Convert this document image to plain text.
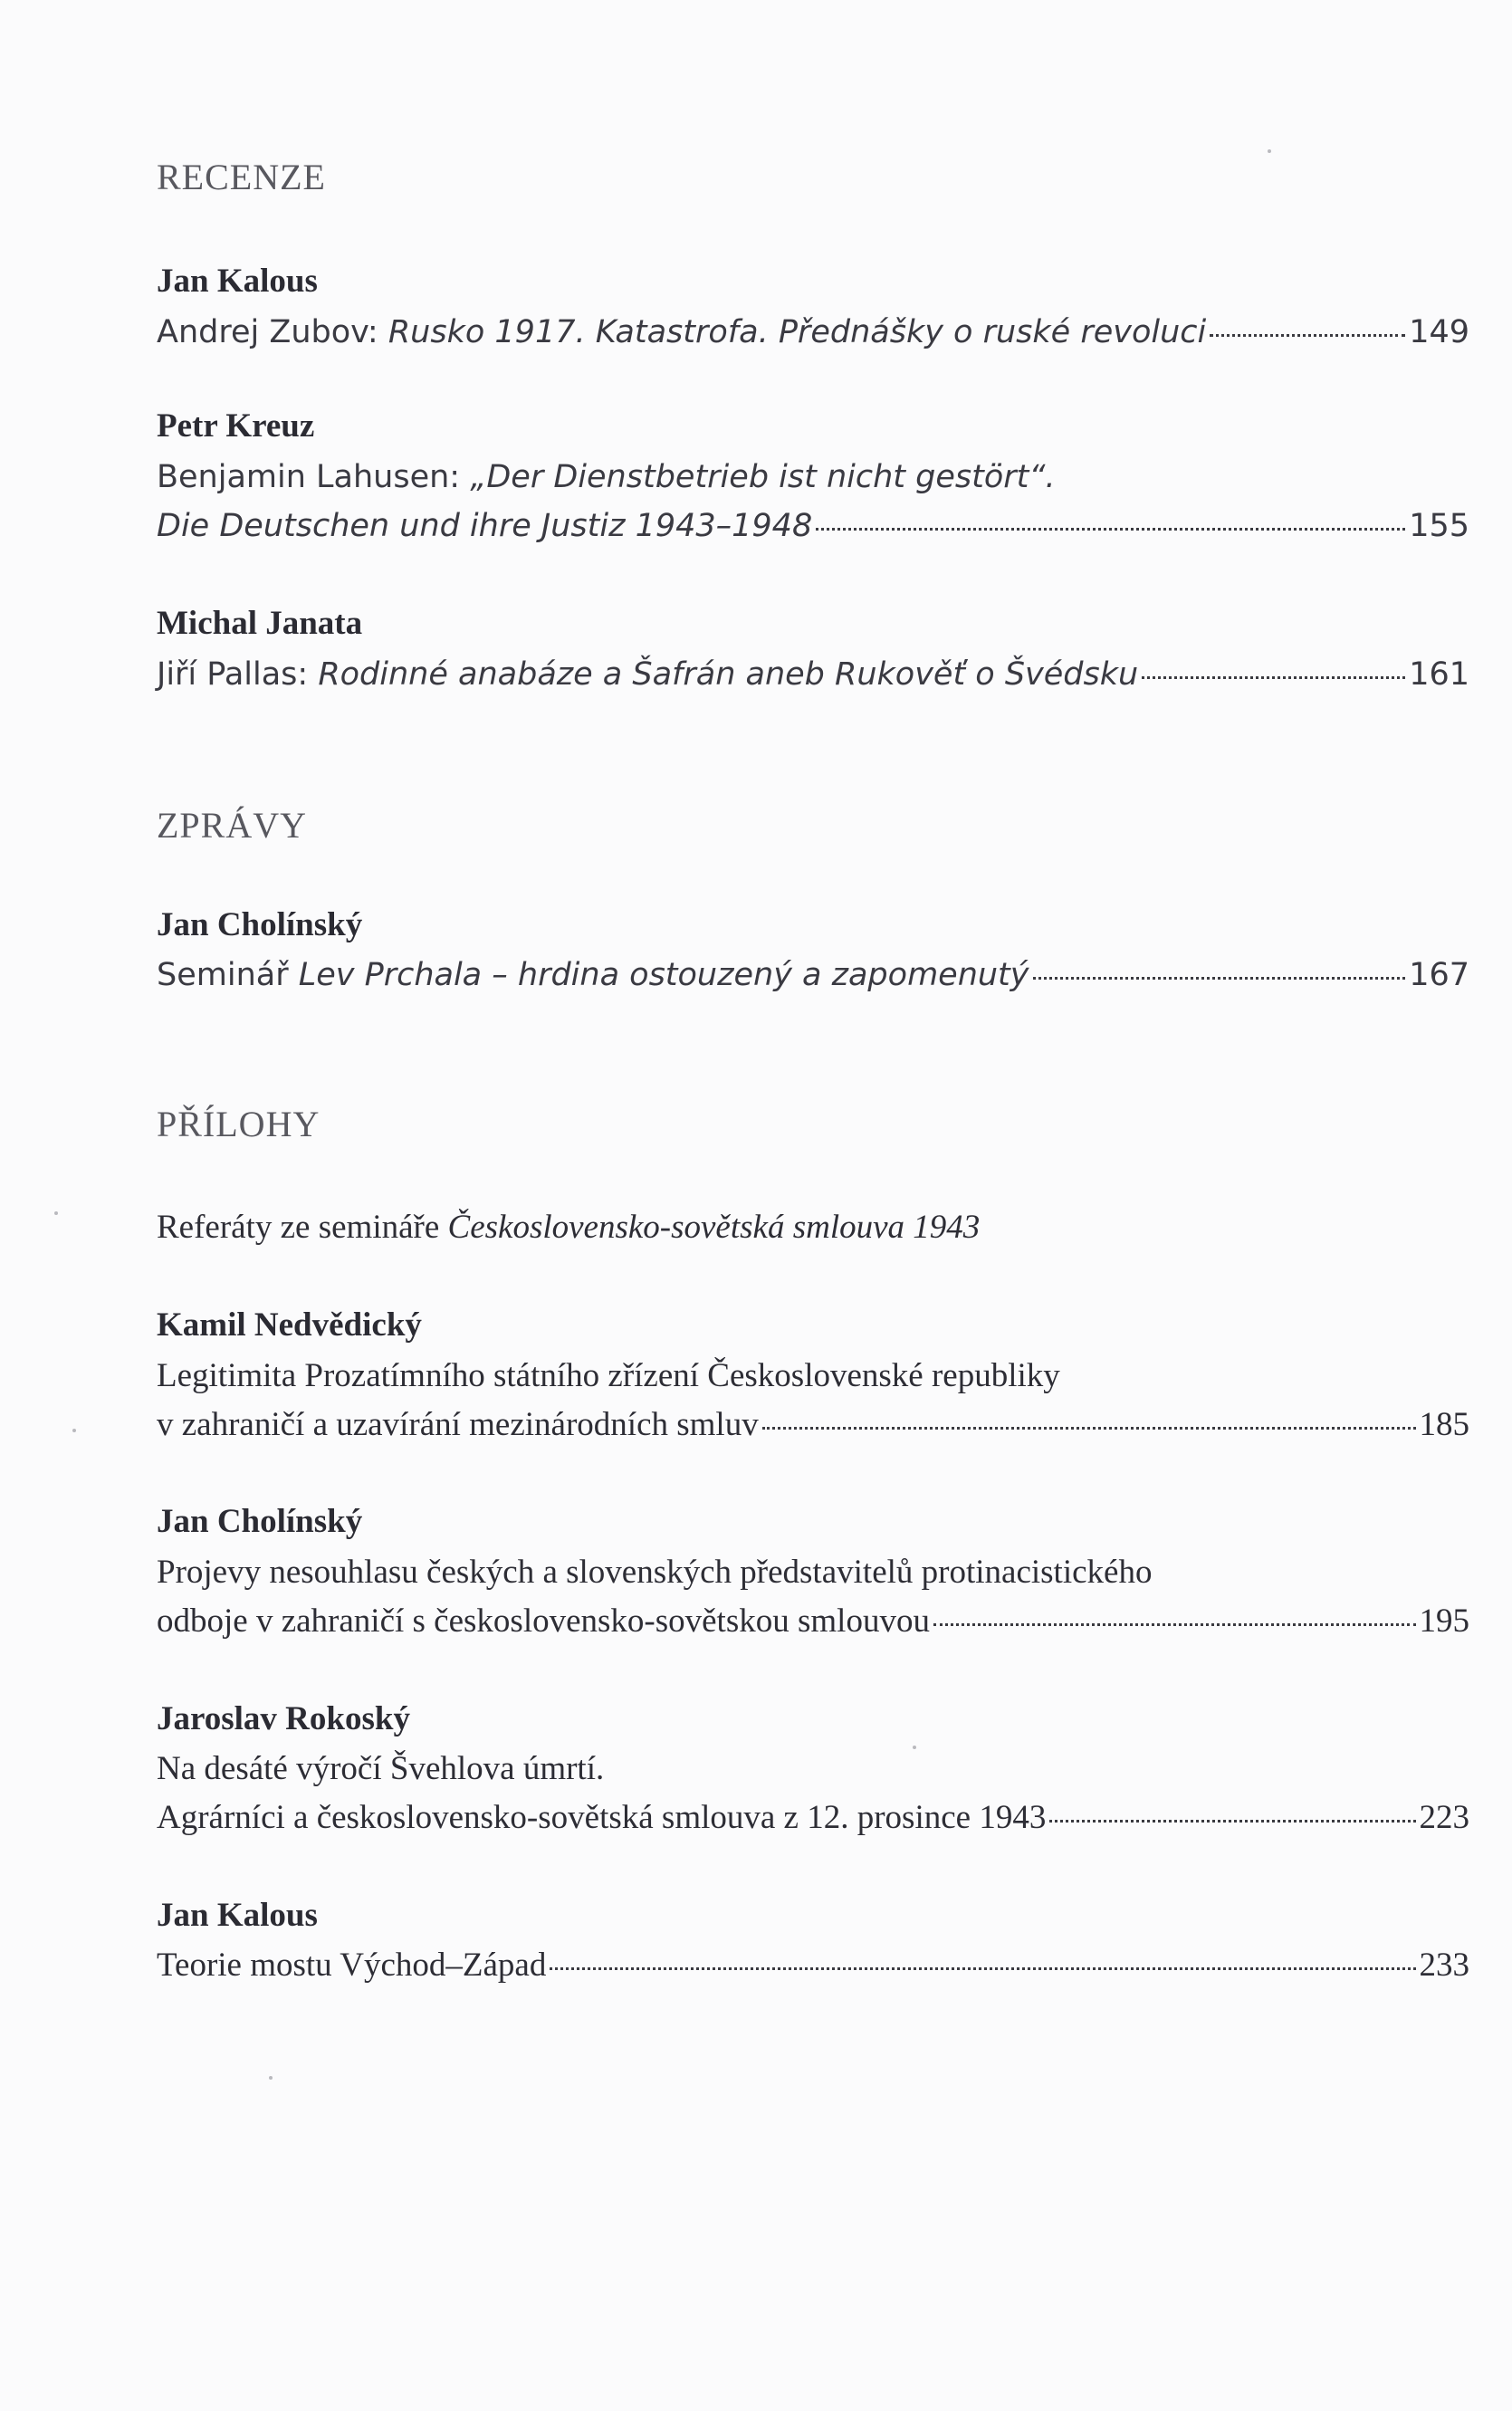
RECENZE
Jan Kalous
Andrej Zubov: Rusko 1917. Katastrofa. Přednášky o ruské revoluci	149
Petr Kreuz
Benjamin Lahusen: „Der Dienstbetrieb ist nicht gestört“.
Die Deutschen und ihre Justiz 1943–1948	155
Michal Janata
Jiří Pallas: Rodinné anabáze a Šafrán aneb Rukověť o Švédsku	161
ZPRÁVY
Jan Cholínský
Seminář Lev Prchala – hrdina ostouzený a zapomenutý	167
PŘÍLOHY
Referáty ze semináře Československo-sovětská smlouva 1943
Kamil Nedvědický
Legitimita Prozatímního státního zřízení Československé republiky
v zahraničí a uzavírání mezinárodních smluv	185
Jan Cholínský
Projevy nesouhlasu českých a slovenských představitelů protinacistického
odboje v zahraničí s československo-sovětskou smlouvou	195
Jaroslav Rokoský
Na desáté výročí Švehlova úmrtí.
Agrárníci a československo-sovětská smlouva z 12. prosince 1943	223
Jan Kalous
Teorie mostu Východ–Západ	233
